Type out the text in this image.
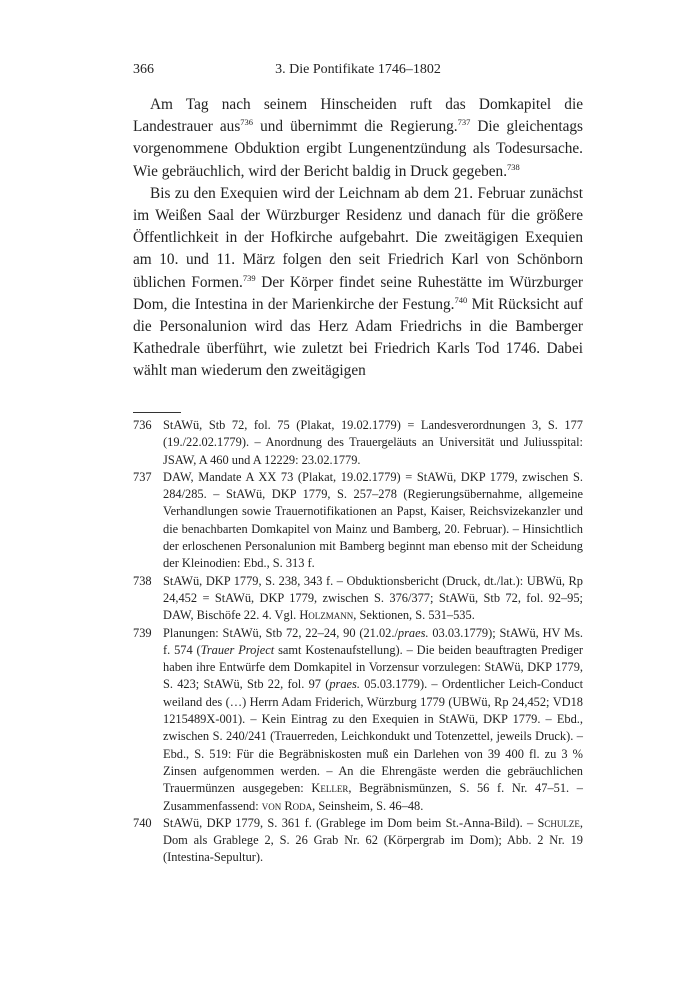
366	3. Die Pontifikate 1746–1802

Am Tag nach seinem Hinscheiden ruft das Domkapitel die Landestrauer aus$^{736}$ und übernimmt die Regierung.$^{737}$ Die gleichentags vorgenommene Obduktion ergibt Lungenentzündung als Todesursache. Wie gebräuchlich, wird der Bericht baldig in Druck gegeben.$^{738}$

Bis zu den Exequien wird der Leichnam ab dem 21. Februar zunächst im Weißen Saal der Würzburger Residenz und danach für die größere Öffentlichkeit in der Hofkirche aufgebahrt. Die zweitägigen Exequien am 10. und 11. März folgen den seit Friedrich Karl von Schönborn üblichen Formen.$^{739}$ Der Körper findet seine Ruhestätte im Würzburger Dom, die Intestina in der Marienkirche der Festung.$^{740}$ Mit Rücksicht auf die Personalunion wird das Herz Adam Friedrichs in die Bamberger Kathedrale überführt, wie zuletzt bei Friedrich Karls Tod 1746. Dabei wählt man wiederum den zweitägigen

736 StAWü, Stb 72, fol. 75 (Plakat, 19.02.1779) = Landesverordnungen 3, S. 177 (19./22.02.1779). – Anordnung des Trauergeläuts an Universität und Juliusspital: JSAW, A 460 und A 12229: 23.02.1779.
737 DAW, Mandate A XX 73 (Plakat, 19.02.1779) = StAWü, DKP 1779, zwischen S. 284/285. – StAWü, DKP 1779, S. 257–278 (Regierungsübernahme, allgemeine Verhandlungen sowie Trauernotifikationen an Papst, Kaiser, Reichsvizekanzler und die benachbarten Domkapitel von Mainz und Bamberg, 20. Februar). – Hinsichtlich der erloschenen Personalunion mit Bamberg beginnt man ebenso mit der Scheidung der Kleinodien: Ebd., S. 313 f.
738 StAWü, DKP 1779, S. 238, 343 f. – Obduktionsbericht (Druck, dt./lat.): UBWü, Rp 24,452 = StAWü, DKP 1779, zwischen S. 376/377; StAWü, Stb 72, fol. 92–95; DAW, Bischöfe 22. 4. Vgl. Holzmann, Sektionen, S. 531–535.
739 Planungen: StAWü, Stb 72, 22–24, 90 (21.02./praes. 03.03.1779); StAWü, HV Ms. f. 574 (Trauer Project samt Kostenaufstellung). – Die beiden beauftragten Prediger haben ihre Entwürfe dem Domkapitel in Vorzensur vorzulegen: StAWü, DKP 1779, S. 423; StAWü, Stb 22, fol. 97 (praes. 05.03.1779). – Ordentlicher Leich-Conduct weiland des (…) Herrn Adam Friderich, Würzburg 1779 (UBWü, Rp 24,452; VD18 1215489X-001). – Kein Eintrag zu den Exequien in StAWü, DKP 1779. – Ebd., zwischen S. 240/241 (Trauerreden, Leichkondukt und Totenzettel, jeweils Druck). – Ebd., S. 519: Für die Begräbniskosten muß ein Darlehen von 39 400 fl. zu 3 % Zinsen aufgenommen werden. – An die Ehrengäste werden die gebräuchlichen Trauermünzen ausgegeben: Keller, Begräbnismünzen, S. 56 f. Nr. 47–51. – Zusammenfassend: von Roda, Seinsheim, S. 46–48.
740 StAWü, DKP 1779, S. 361 f. (Grablege im Dom beim St.-Anna-Bild). – Schulze, Dom als Grablege 2, S. 26 Grab Nr. 62 (Körpergrab im Dom); Abb. 2 Nr. 19 (Intestina-Sepultur).
